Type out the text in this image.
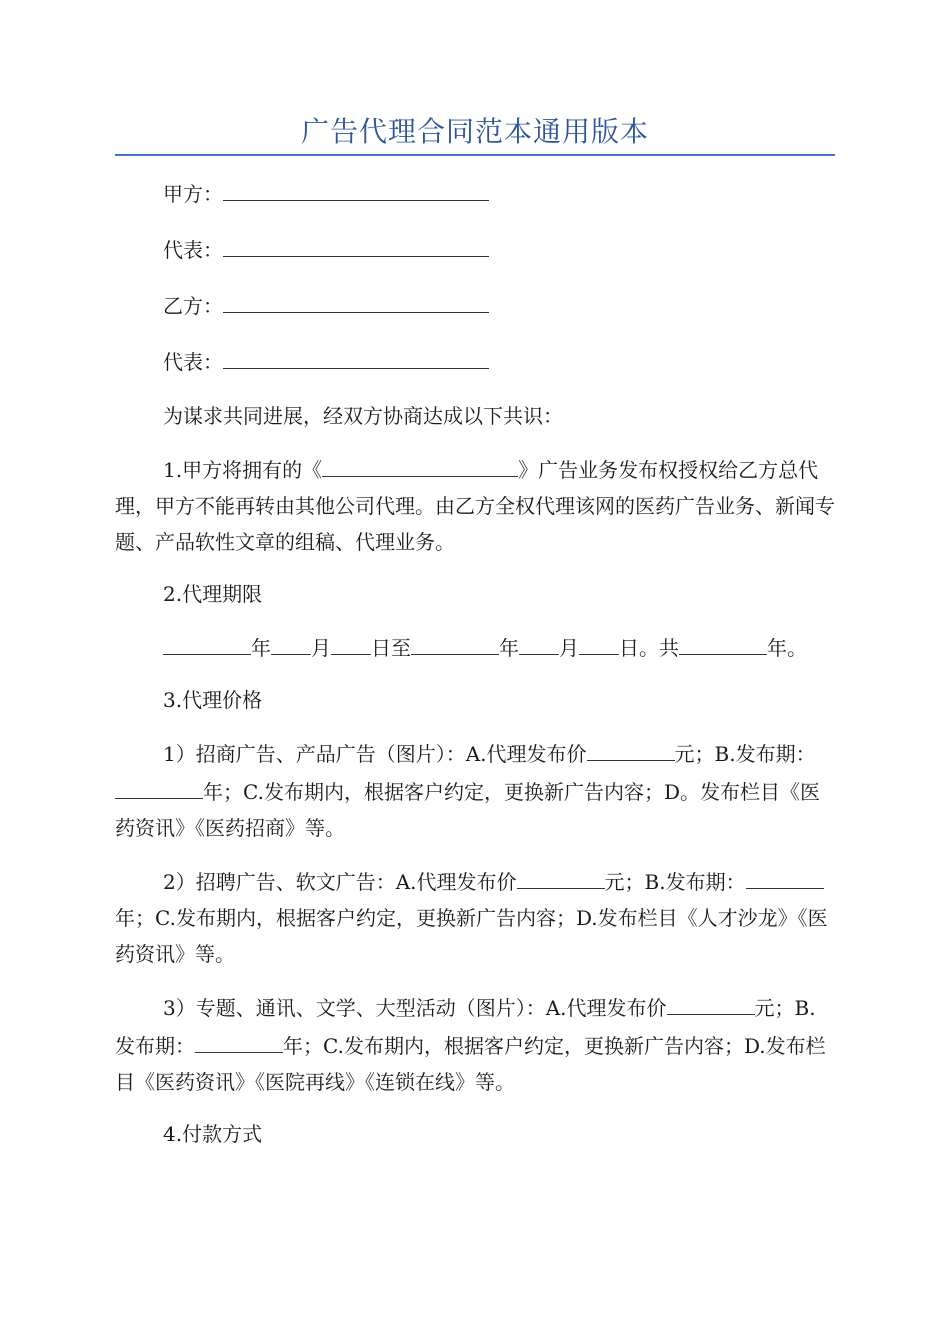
广告代理合同范本通用版本

甲方：

代表：

乙方：

代表：

为谋求共同进展，经双方协商达成以下共识：

1.甲方将拥有的《	》广告业务发布权授权给乙方总代理，甲方不能再转由其他公司代理。由乙方全权代理该网的医药广告业务、新闻专题、产品软性文章的组稿、代理业务。

2.代理期限

年 月 日至	年 月 日。共	年。

3.代理价格

1）招商广告、产品广告（图片）：A.代理发布价	元；B.发布期：年；C.发布期内，根据客户约定，更换新广告内容；D。发布栏目《医药资讯》《医药招商》等。

2）招聘广告、软文广告：A.代理发布价	元；B.发布期：年；C.发布期内，根据客户约定，更换新广告内容；D.发布栏目《人才沙龙》《医药资讯》等。

3）专题、通讯、文学、大型活动（图片）：A.代理发布价	元；B.发布期：	年；C.发布期内，根据客户约定，更换新广告内容；D.发布栏目《医药资讯》《医院再线》《连锁在线》等。

4.付款方式
